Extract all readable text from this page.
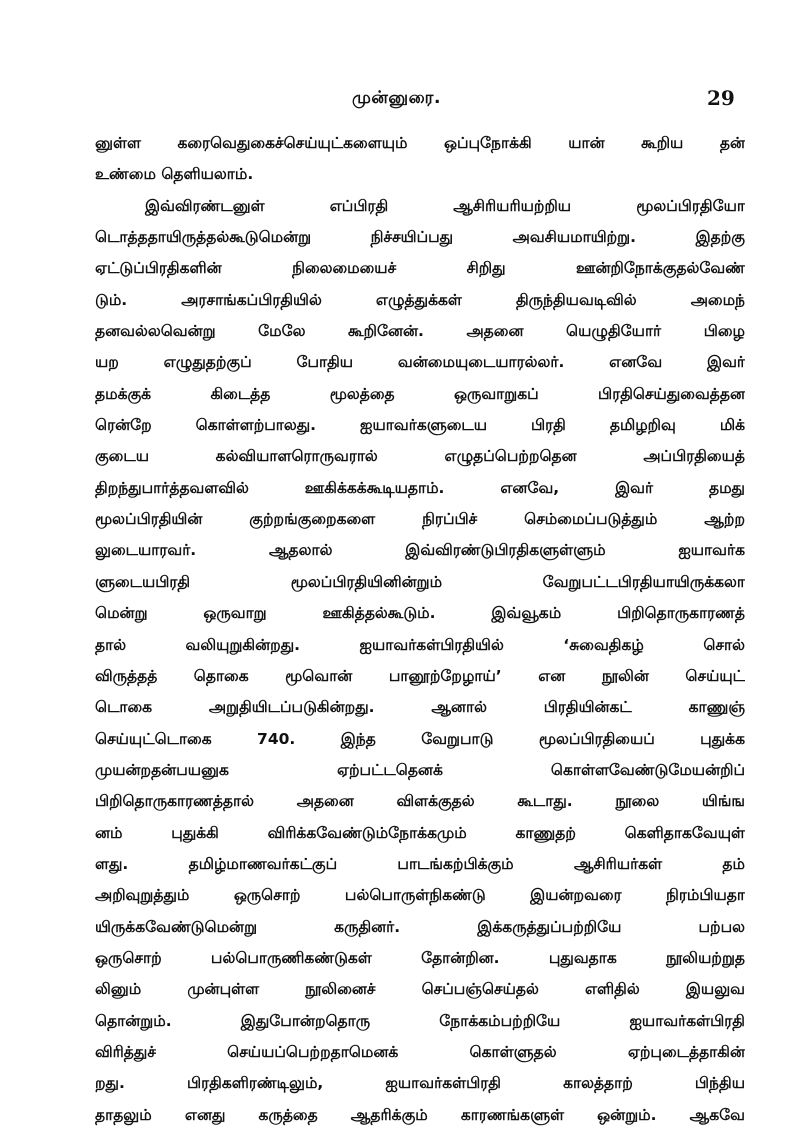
முன்னுரை.	29
னுள்ள கரைவெதுகைச்செய்யுட்களையும் ஒப்புநோக்கி யான் கூறிய தன்
உண்மை தெளியலாம்.
இவ்விரண்டனுள் எப்பிரதி ஆசிரியரியற்றிய மூலப்பிரதியோ
டொத்ததாயிருத்தல்கூடுமென்று நிச்சயிப்பது அவசியமாயிற்று. இதற்கு
ஏட்டுப்பிரதிகளின் நிலைமையைச் சிறிது ஊன்றிநோக்குதல்வேண்
டும். அரசாங்கப்பிரதியில் எழுத்துக்கள் திருந்தியவடிவில் அமைந்
தனவல்லவென்று மேலே கூறினேன். அதனை யெழுதியோர் பிழை
யற எழுதுதற்குப் போதிய வன்மையுடையாரல்லர். எனவே இவர்
தமக்குக் கிடைத்த மூலத்தை ஒருவாறுகப் பிரதிசெய்துவைத்தன
ரென்றே கொள்ளற்பாலது. ஐயாவர்களுடைய பிரதி தமிழறிவு மிக்
குடைய கல்வியாளரொருவரால் எழுதப்பெற்றதென அப்பிரதியைத்
திறந்துபார்த்தவளவில் ஊகிக்கக்கூடியதாம். எனவே, இவர் தமது
மூலப்பிரதியின் குற்றங்குறைகளை நிரப்பிச் செம்மைப்படுத்தும் ஆற்ற
லுடையாரவர். ஆதலால் இவ்விரண்டுபிரதிகளுள்ளும் ஐயாவர்க
ளுடையபிரதி மூலப்பிரதியினின்றும் வேறுபட்டபிரதியாயிருக்கலா
மென்று ஒருவாறு ஊகித்தல்கூடும். இவ்வூகம் பிறிதொருகாரணத்
தால் வலியுறுகின்றது. ஐயாவர்கள்பிரதியில் ‘சுவைதிகழ் சொல்
விருத்தத் தொகை மூவொன் பானூற்றேழாய்’ என நூலின் செய்யுட்
டொகை அறுதியிடப்படுகின்றது. ஆனால் பிரதியின்கட் காணுஞ்
செய்யுட்டொகை 740. இந்த வேறுபாடு மூலப்பிரதியைப் புதுக்க
முயன்றதன்பயனுக ஏற்பட்டதெனக் கொள்ளவேண்டுமேயன்றிப்
பிறிதொருகாரணத்தால் அதனை விளக்குதல் கூடாது. நூலை யிங்ங
னம் புதுக்கி விரிக்கவேண்டும்நோக்கமும் காணுதற் கெளிதாகவேயுள்
ளது. தமிழ்மாணவர்கட்குப் பாடங்கற்பிக்கும் ஆசிரியர்கள் தம்
அறிவுறுத்தும் ஒருசொற் பல்பொருள்நிகண்டு இயன்றவரை நிரம்பியதா
யிருக்கவேண்டுமென்று கருதினர். இக்கருத்துப்பற்றியே பற்பல
ஒருசொற் பல்பொருணிகண்டுகள் தோன்றின. புதுவதாக நூலியற்றுத
லினும் முன்புள்ள நூலினைச் செப்பஞ்செய்தல் எளிதில் இயலுவ
தொன்றும். இதுபோன்றதொரு நோக்கம்பற்றியே ஐயாவர்கள்பிரதி
விரித்துச் செய்யப்பெற்றதாமெனக் கொள்ளுதல் ஏற்புடைத்தாகின்
றது. பிரதிகளிரண்டிலும், ஐயாவர்கள்பிரதி காலத்தாற் பிந்திய
தாதலும் எனது கருத்தை ஆதரிக்கும் காரணங்களுள் ஒன்றும். ஆகவே
